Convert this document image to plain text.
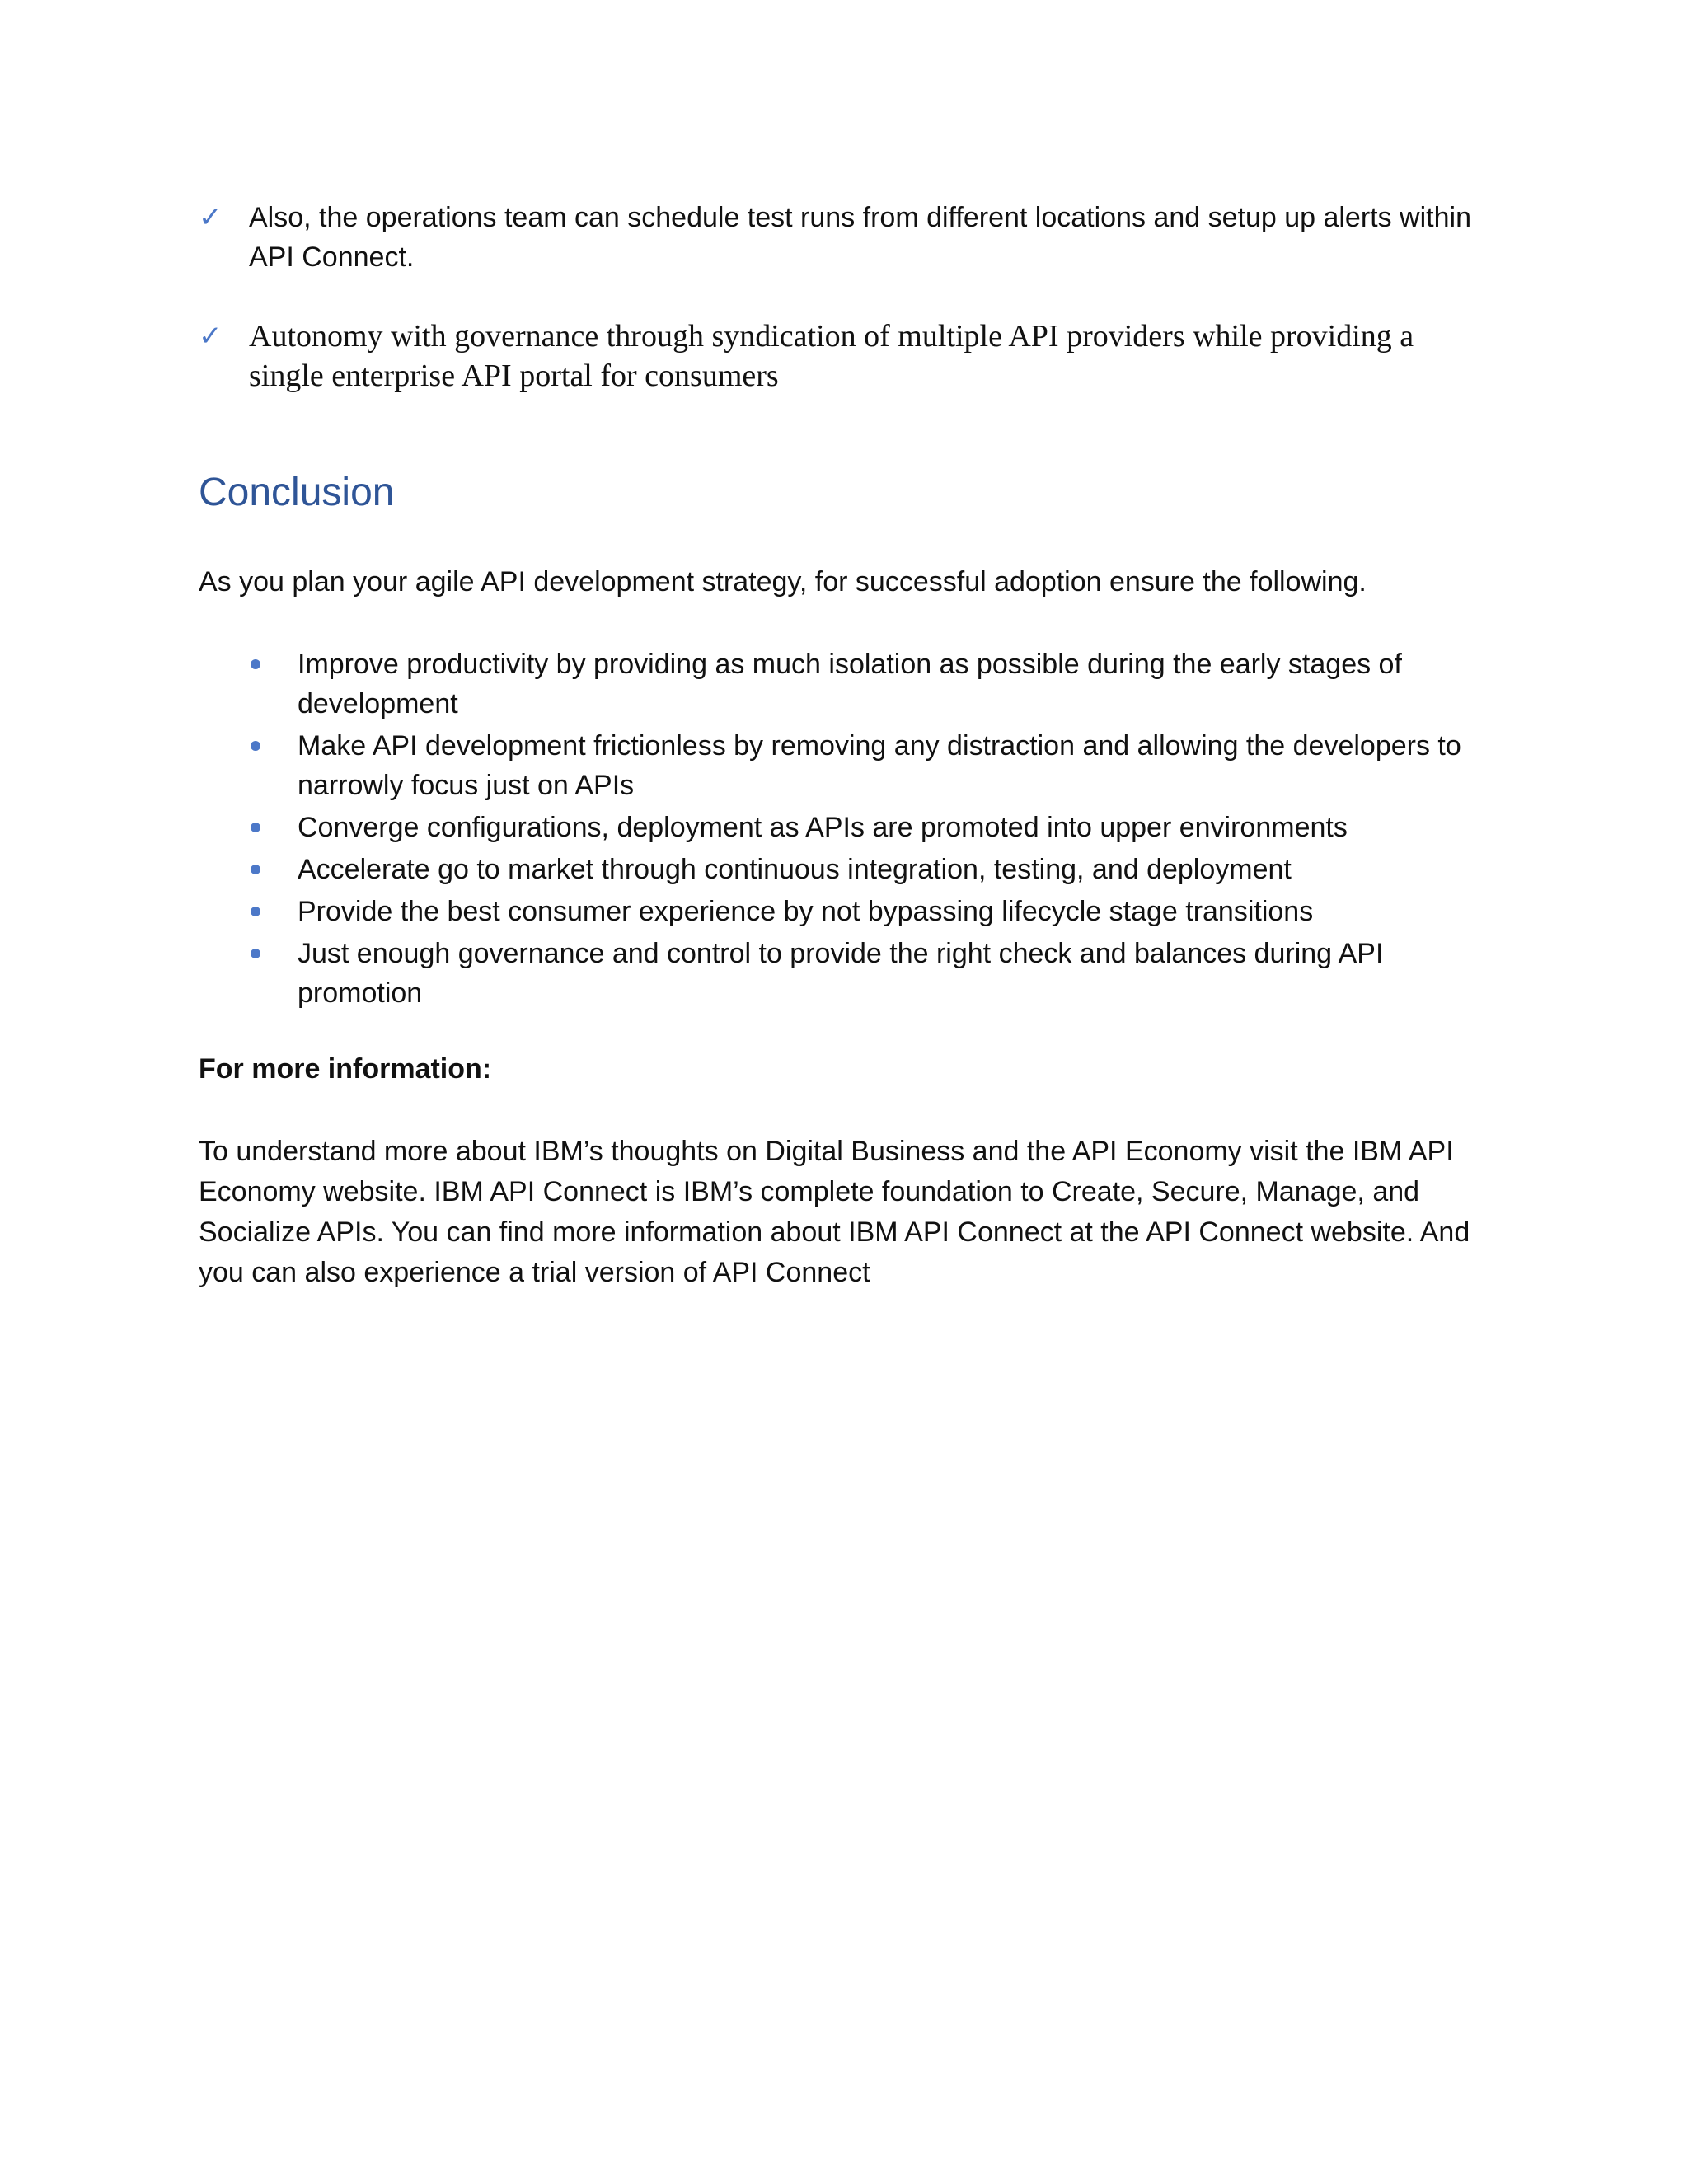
✓ Also, the operations team can schedule test runs from different locations and setup up alerts within API Connect.
✓ Autonomy with governance through syndication of multiple API providers while providing a single enterprise API portal for consumers
Conclusion

As you plan your agile API development strategy, for successful adoption ensure the following.

Improve productivity by providing as much isolation as possible during the early stages of development
Make API development frictionless by removing any distraction and allowing the developers to narrowly focus just on APIs
Converge configurations, deployment as APIs are promoted into upper environments
Accelerate go to market through continuous integration, testing, and deployment
Provide the best consumer experience by not bypassing lifecycle stage transitions
Just enough governance and control to provide the right check and balances during API promotion

For more information:

To understand more about IBM’s thoughts on Digital Business and the API Economy visit the IBM API Economy website. IBM API Connect is IBM’s complete foundation to Create, Secure, Manage, and Socialize APIs. You can find more information about IBM API Connect at the API Connect website. And you can also experience a trial version of API Connect
